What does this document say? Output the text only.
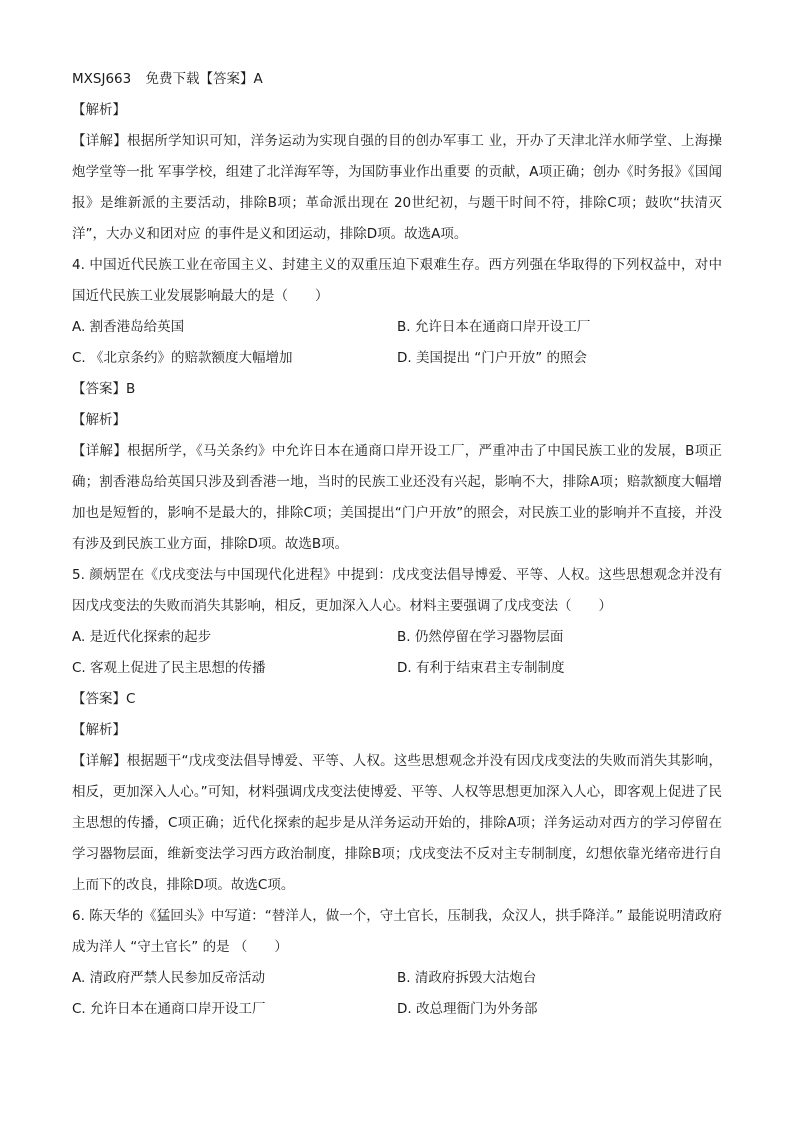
MXSJ663 免费下载【答案】A
【解析】
【详解】根据所学知识可知，洋务运动为实现自强的目的创办军事工 业，开办了天津北洋水师学堂、上海操炮学堂等一批 军事学校，组建了北洋海军等，为国防事业作出重要 的贡献，A项正确；创办《时务报》《国闻报》是维新派的主要活动，排除B项；革命派出现在 20世纪初，与题干时间不符，排除C项；鼓吹“扶清灭洋”，大办义和团对应 的事件是义和团运动，排除D项。故选A项。
4. 中国近代民族工业在帝国主义、封建主义的双重压迫下艰难生存。西方列强在华取得的下列权益中，对中国近代民族工业发展影响最大的是（　　）
A. 割香港岛给英国	B. 允许日本在通商口岸开设工厂
C. 《北京条约》的赔款额度大幅增加	D. 美国提出 “门户开放” 的照会
【答案】B
【解析】
【详解】根据所学，《马关条约》中允许日本在通商口岸开设工厂，严重冲击了中国民族工业的发展，B项正确；割香港岛给英国只涉及到香港一地，当时的民族工业还没有兴起，影响不大，排除A项；赔款额度大幅增加也是短暂的，影响不是最大的，排除C项；美国提出“门户开放”的照会，对民族工业的影响并不直接，并没有涉及到民族工业方面，排除D项。故选B项。
5. 颜炳罡在《戊戌变法与中国现代化进程》中提到：戊戌变法倡导博爱、平等、人权。这些思想观念并没有因戊戌变法的失败而消失其影响，相反，更加深入人心。材料主要强调了戊戌变法（　　）
A. 是近代化探索的起步	B. 仍然停留在学习器物层面
C. 客观上促进了民主思想的传播	D. 有利于结束君主专制制度
【答案】C
【解析】
【详解】根据题干“戊戌变法倡导博爱、平等、人权。这些思想观念并没有因戊戌变法的失败而消失其影响，相反，更加深入人心。”可知，材料强调戊戌变法使博爱、平等、人权等思想更加深入人心，即客观上促进了民主思想的传播，C项正确；近代化探索的起步是从洋务运动开始的，排除A项；洋务运动对西方的学习停留在学习器物层面，维新变法学习西方政治制度，排除B项；戊戌变法不反对主专制制度，幻想依靠光绪帝进行自上而下的改良，排除D项。故选C项。
6. 陈天华的《猛回头》中写道：“替洋人，做一个，守土官长，压制我，众汉人，拱手降洋。” 最能说明清政府成为洋人 “守土官长” 的是 （　　）
A. 清政府严禁人民参加反帝活动	B. 清政府拆毁大沽炮台
C. 允许日本在通商口岸开设工厂	D. 改总理衙门为外务部
